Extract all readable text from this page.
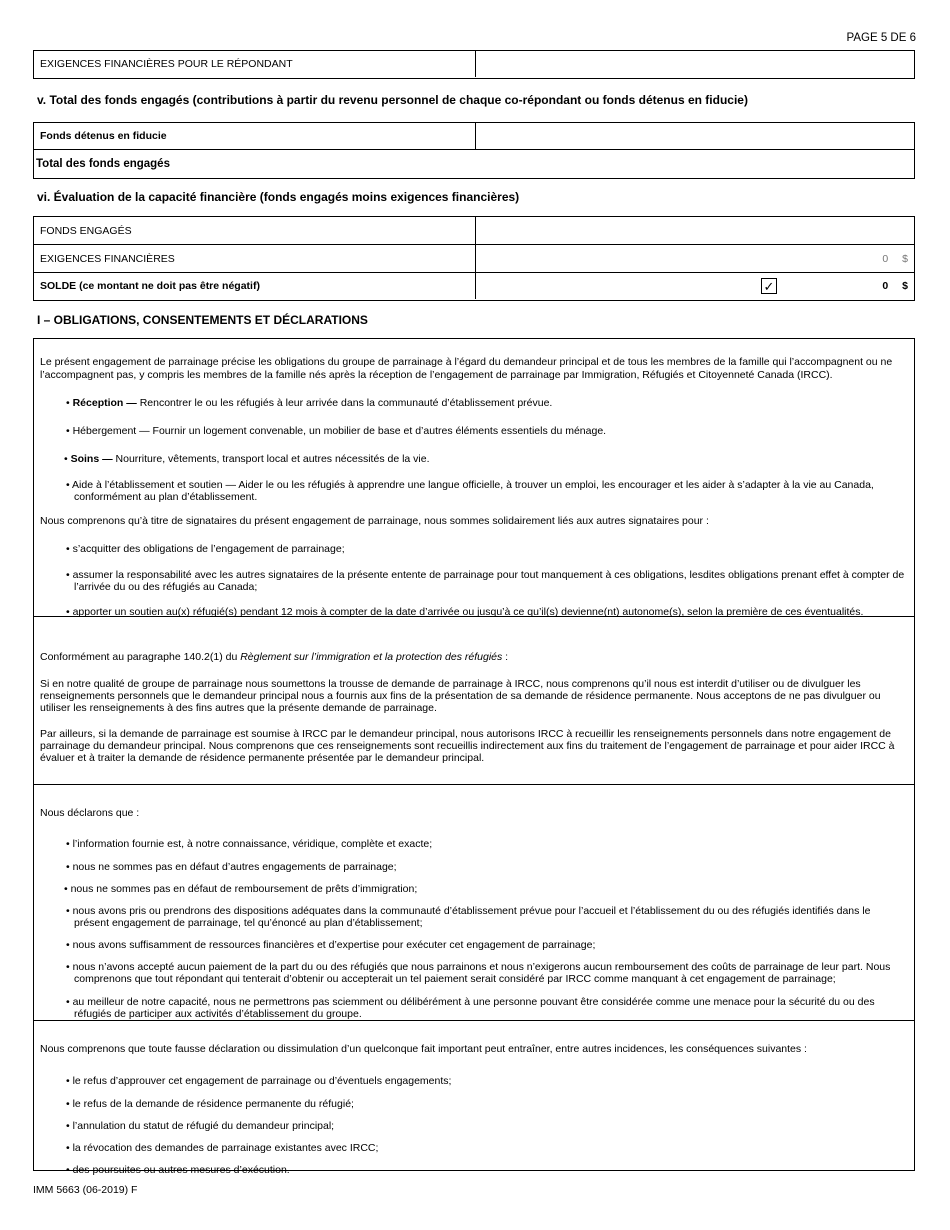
PAGE 5 DE 6
EXIGENCES FINANCIÈRES POUR LE RÉPONDANT
v. Total des fonds engagés (contributions à partir du revenu personnel de chaque co-répondant ou fonds détenus en fiducie)
Fonds détenus en fiducie
Total des fonds engagés
vi. Évaluation de la capacité financière (fonds engagés moins exigences financières)
FONDS ENGAGÉS
EXIGENCES FINANCIÈRES	0 $
SOLDE (ce montant ne doit pas être négatif)	✓	0 $
I – OBLIGATIONS, CONSENTEMENTS ET DÉCLARATIONS

Le présent engagement de parrainage précise les obligations du groupe de parrainage à l’égard du demandeur principal et de tous les membres de la famille qui l’accompagnent ou ne l’accompagnent pas, y compris les membres de la famille nés après la réception de l’engagement de parrainage par Immigration, Réfugiés et Citoyenneté Canada (IRCC).

• Réception — Rencontrer le ou les réfugiés à leur arrivée dans la communauté d’établissement prévue.

• Hébergement — Fournir un logement convenable, un mobilier de base et d’autres éléments essentiels du ménage.

• Soins — Nourriture, vêtements, transport local et autres nécessités de la vie.

• Aide à l’établissement et soutien — Aider le ou les réfugiés à apprendre une langue officielle, à trouver un emploi, les encourager et les aider à s’adapter à la vie au Canada, conformément au plan d’établissement.

Nous comprenons qu’à titre de signataires du présent engagement de parrainage, nous sommes solidairement liés aux autres signataires pour :

• s’acquitter des obligations de l’engagement de parrainage;

• assumer la responsabilité avec les autres signataires de la présente entente de parrainage pour tout manquement à ces obligations, lesdites obligations prenant effet à compter de l’arrivée du ou des réfugiés au Canada;

• apporter un soutien au(x) réfugié(s) pendant 12 mois à compter de la date d’arrivée ou jusqu’à ce qu’il(s) devienne(nt) autonome(s), selon la première de ces éventualités.

Conformément au paragraphe 140.2(1) du Règlement sur l’immigration et la protection des réfugiés :

Si en notre qualité de groupe de parrainage nous soumettons la trousse de demande de parrainage à IRCC, nous comprenons qu’il nous est interdit d’utiliser ou de divulguer les renseignements personnels que le demandeur principal nous a fournis aux fins de la présentation de sa demande de résidence permanente. Nous acceptons de ne pas divulguer ou utiliser les renseignements à des fins autres que la présente demande de parrainage.

Par ailleurs, si la demande de parrainage est soumise à IRCC par le demandeur principal, nous autorisons IRCC à recueillir les renseignements personnels dans notre engagement de parrainage du demandeur principal. Nous comprenons que ces renseignements sont recueillis indirectement aux fins du traitement de l’engagement de parrainage et pour aider IRCC à évaluer et à traiter la demande de résidence permanente présentée par le demandeur principal.

Nous déclarons que :

• l’information fournie est, à notre connaissance, véridique, complète et exacte;

• nous ne sommes pas en défaut d’autres engagements de parrainage;

• nous ne sommes pas en défaut de remboursement de prêts d’immigration;

• nous avons pris ou prendrons des dispositions adéquates dans la communauté d’établissement prévue pour l’accueil et l’établissement du ou des réfugiés identifiés dans le présent engagement de parrainage, tel qu’énoncé au plan d’établissement;

• nous avons suffisamment de ressources financières et d’expertise pour exécuter cet engagement de parrainage;

• nous n’avons accepté aucun paiement de la part du ou des réfugiés que nous parrainons et nous n’exigerons aucun remboursement des coûts de parrainage de leur part. Nous comprenons que tout répondant qui tenterait d’obtenir ou accepterait un tel paiement serait considéré par IRCC comme manquant à cet engagement de parrainage;

• au meilleur de notre capacité, nous ne permettrons pas sciemment ou délibérément à une personne pouvant être considérée comme une menace pour la sécurité du ou des réfugiés de participer aux activités d’établissement du groupe.

Nous comprenons que toute fausse déclaration ou dissimulation d’un quelconque fait important peut entraîner, entre autres incidences, les conséquences suivantes :

• le refus d’approuver cet engagement de parrainage ou d’éventuels engagements;

• le refus de la demande de résidence permanente du réfugié;

• l’annulation du statut de réfugié du demandeur principal;

• la révocation des demandes de parrainage existantes avec IRCC;

• des poursuites ou autres mesures d’exécution.

IMM 5663 (06-2019) F
